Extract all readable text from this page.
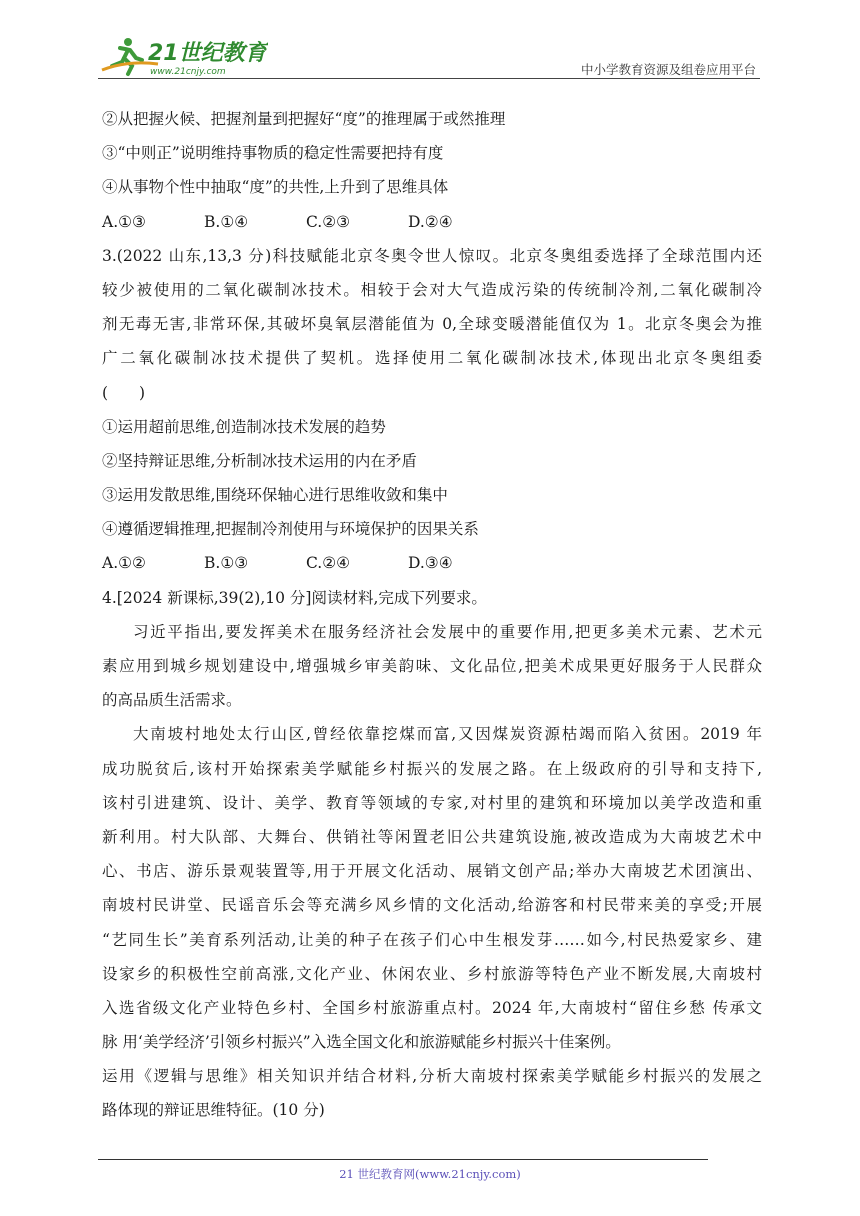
21世纪教育
www.21cnjy.com	中小学教育资源及组卷应用平台
②从把握火候、把握剂量到把握好“度”的推理属于或然推理
③“中则正”说明维持事物质的稳定性需要把持有度
④从事物个性中抽取“度”的共性,上升到了思维具体
A.①③	B.①④	C.②③	D.②④
3.(2022 山东,13,3 分)科技赋能北京冬奥令世人惊叹。北京冬奥组委选择了全球范围内还
较少被使用的二氧化碳制冰技术。相较于会对大气造成污染的传统制冷剂,二氧化碳制冷
剂无毒无害,非常环保,其破坏臭氧层潜能值为 0,全球变暖潜能值仅为 1。北京冬奥会为推
广二氧化碳制冰技术提供了契机。选择使用二氧化碳制冰技术,体现出北京冬奥组委
(　　)
①运用超前思维,创造制冰技术发展的趋势
②坚持辩证思维,分析制冰技术运用的内在矛盾
③运用发散思维,围绕环保轴心进行思维收敛和集中
④遵循逻辑推理,把握制冷剂使用与环境保护的因果关系
A.①②	B.①③	C.②④	D.③④
4.[2024 新课标,39(2),10 分]阅读材料,完成下列要求。
习近平指出,要发挥美术在服务经济社会发展中的重要作用,把更多美术元素、艺术元
素应用到城乡规划建设中,增强城乡审美韵味、文化品位,把美术成果更好服务于人民群众
的高品质生活需求。
大南坡村地处太行山区,曾经依靠挖煤而富,又因煤炭资源枯竭而陷入贫困。2019 年
成功脱贫后,该村开始探索美学赋能乡村振兴的发展之路。在上级政府的引导和支持下,
该村引进建筑、设计、美学、教育等领域的专家,对村里的建筑和环境加以美学改造和重
新利用。村大队部、大舞台、供销社等闲置老旧公共建筑设施,被改造成为大南坡艺术中
心、书店、游乐景观装置等,用于开展文化活动、展销文创产品;举办大南坡艺术团演出、
南坡村民讲堂、民谣音乐会等充满乡风乡情的文化活动,给游客和村民带来美的享受;开展
“艺同生长”美育系列活动,让美的种子在孩子们心中生根发芽……如今,村民热爱家乡、建
设家乡的积极性空前高涨,文化产业、休闲农业、乡村旅游等特色产业不断发展,大南坡村
入选省级文化产业特色乡村、全国乡村旅游重点村。2024 年,大南坡村“留住乡愁 传承文
脉 用‘美学经济’引领乡村振兴”入选全国文化和旅游赋能乡村振兴十佳案例。
运用《逻辑与思维》相关知识并结合材料,分析大南坡村探索美学赋能乡村振兴的发展之
路体现的辩证思维特征。(10 分)
21 世纪教育网(www.21cnjy.com)
